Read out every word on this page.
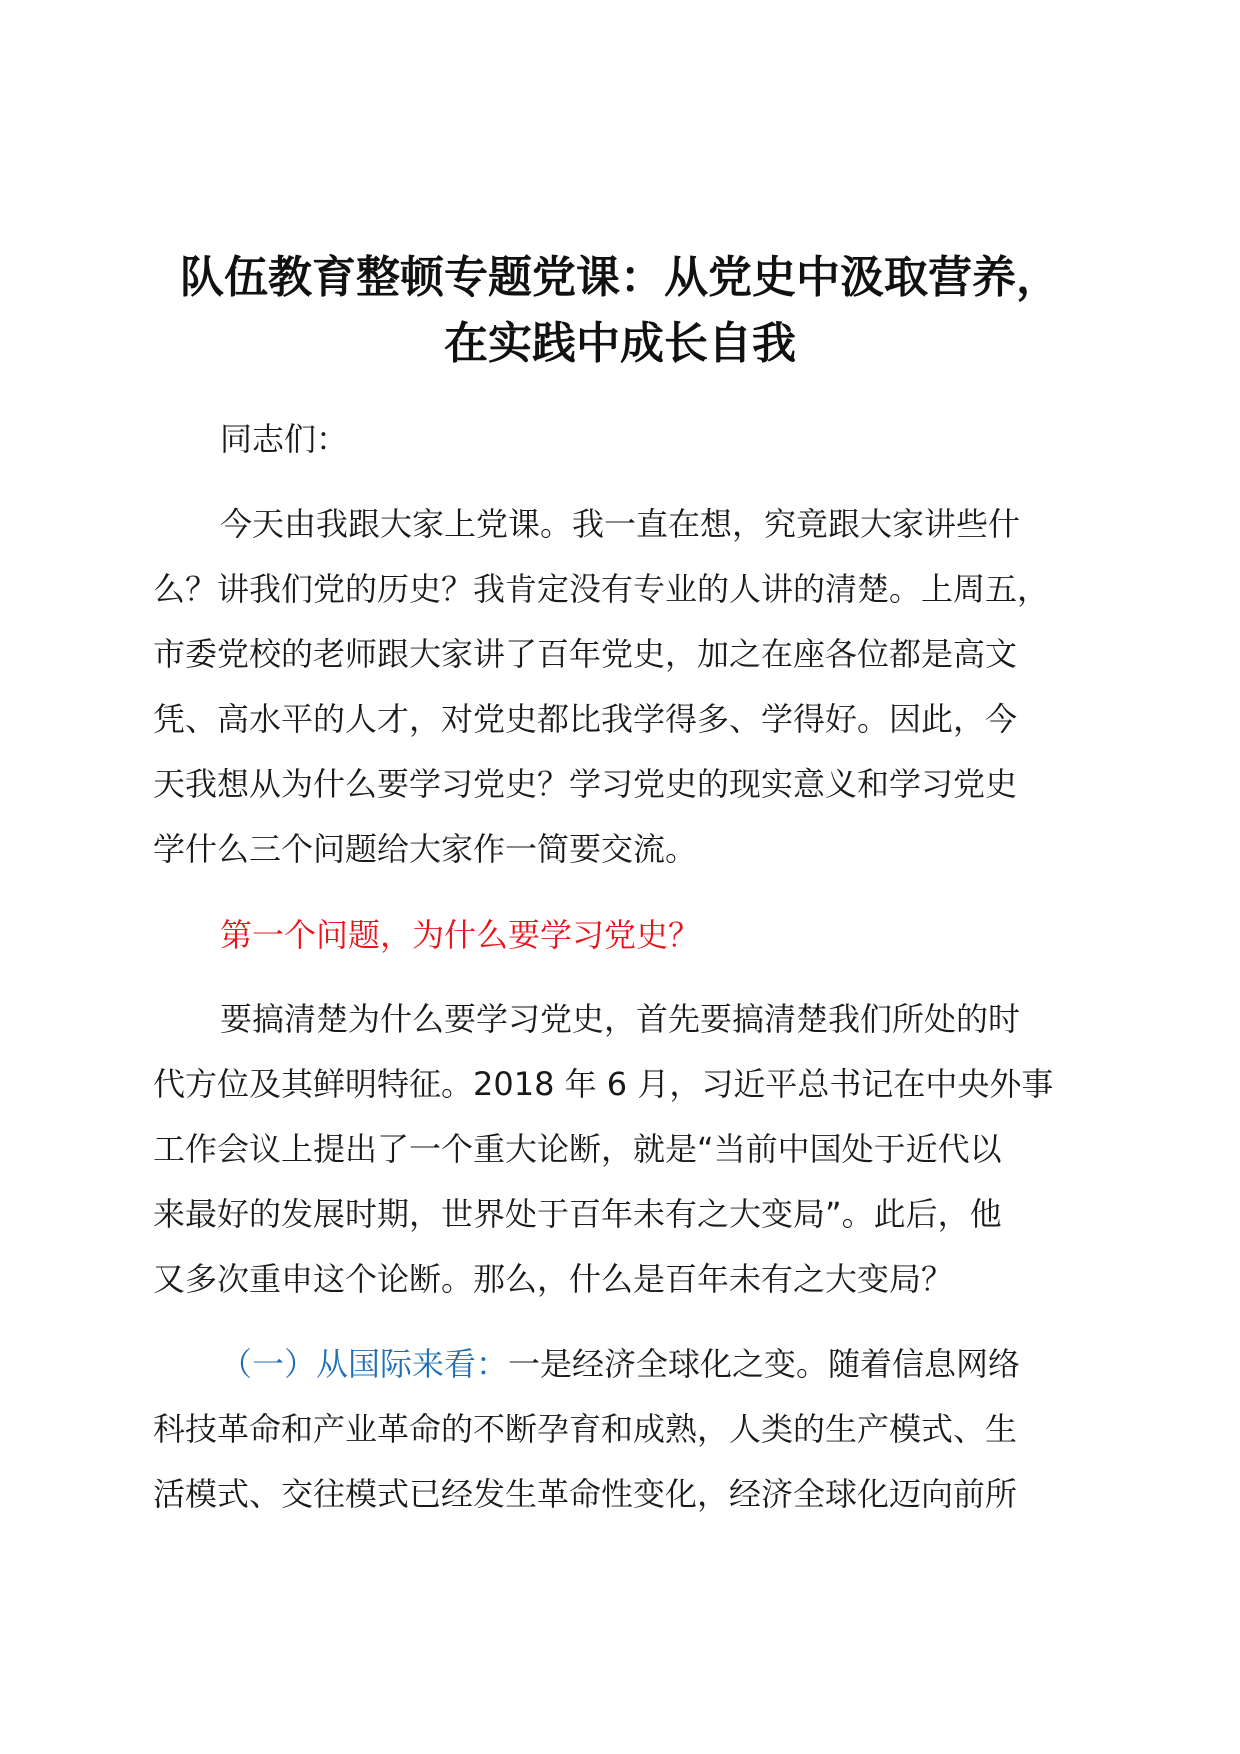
队伍教育整顿专题党课：从党史中汲取营养，
在实践中成长自我
同志们：
今天由我跟大家上党课。我一直在想，究竟跟大家讲些什
么？讲我们党的历史？我肯定没有专业的人讲的清楚。上周五，
市委党校的老师跟大家讲了百年党史，加之在座各位都是高文
凭、高水平的人才，对党史都比我学得多、学得好。因此，今
天我想从为什么要学习党史？学习党史的现实意义和学习党史
学什么三个问题给大家作一简要交流。
第一个问题，为什么要学习党史？
要搞清楚为什么要学习党史，首先要搞清楚我们所处的时
代方位及其鲜明特征。2018 年 6 月，习近平总书记在中央外事
工作会议上提出了一个重大论断，就是“当前中国处于近代以
来最好的发展时期，世界处于百年未有之大变局”。此后，他
又多次重申这个论断。那么，什么是百年未有之大变局？
（一）从国际来看：一是经济全球化之变。随着信息网络
科技革命和产业革命的不断孕育和成熟，人类的生产模式、生
活模式、交往模式已经发生革命性变化，经济全球化迈向前所
